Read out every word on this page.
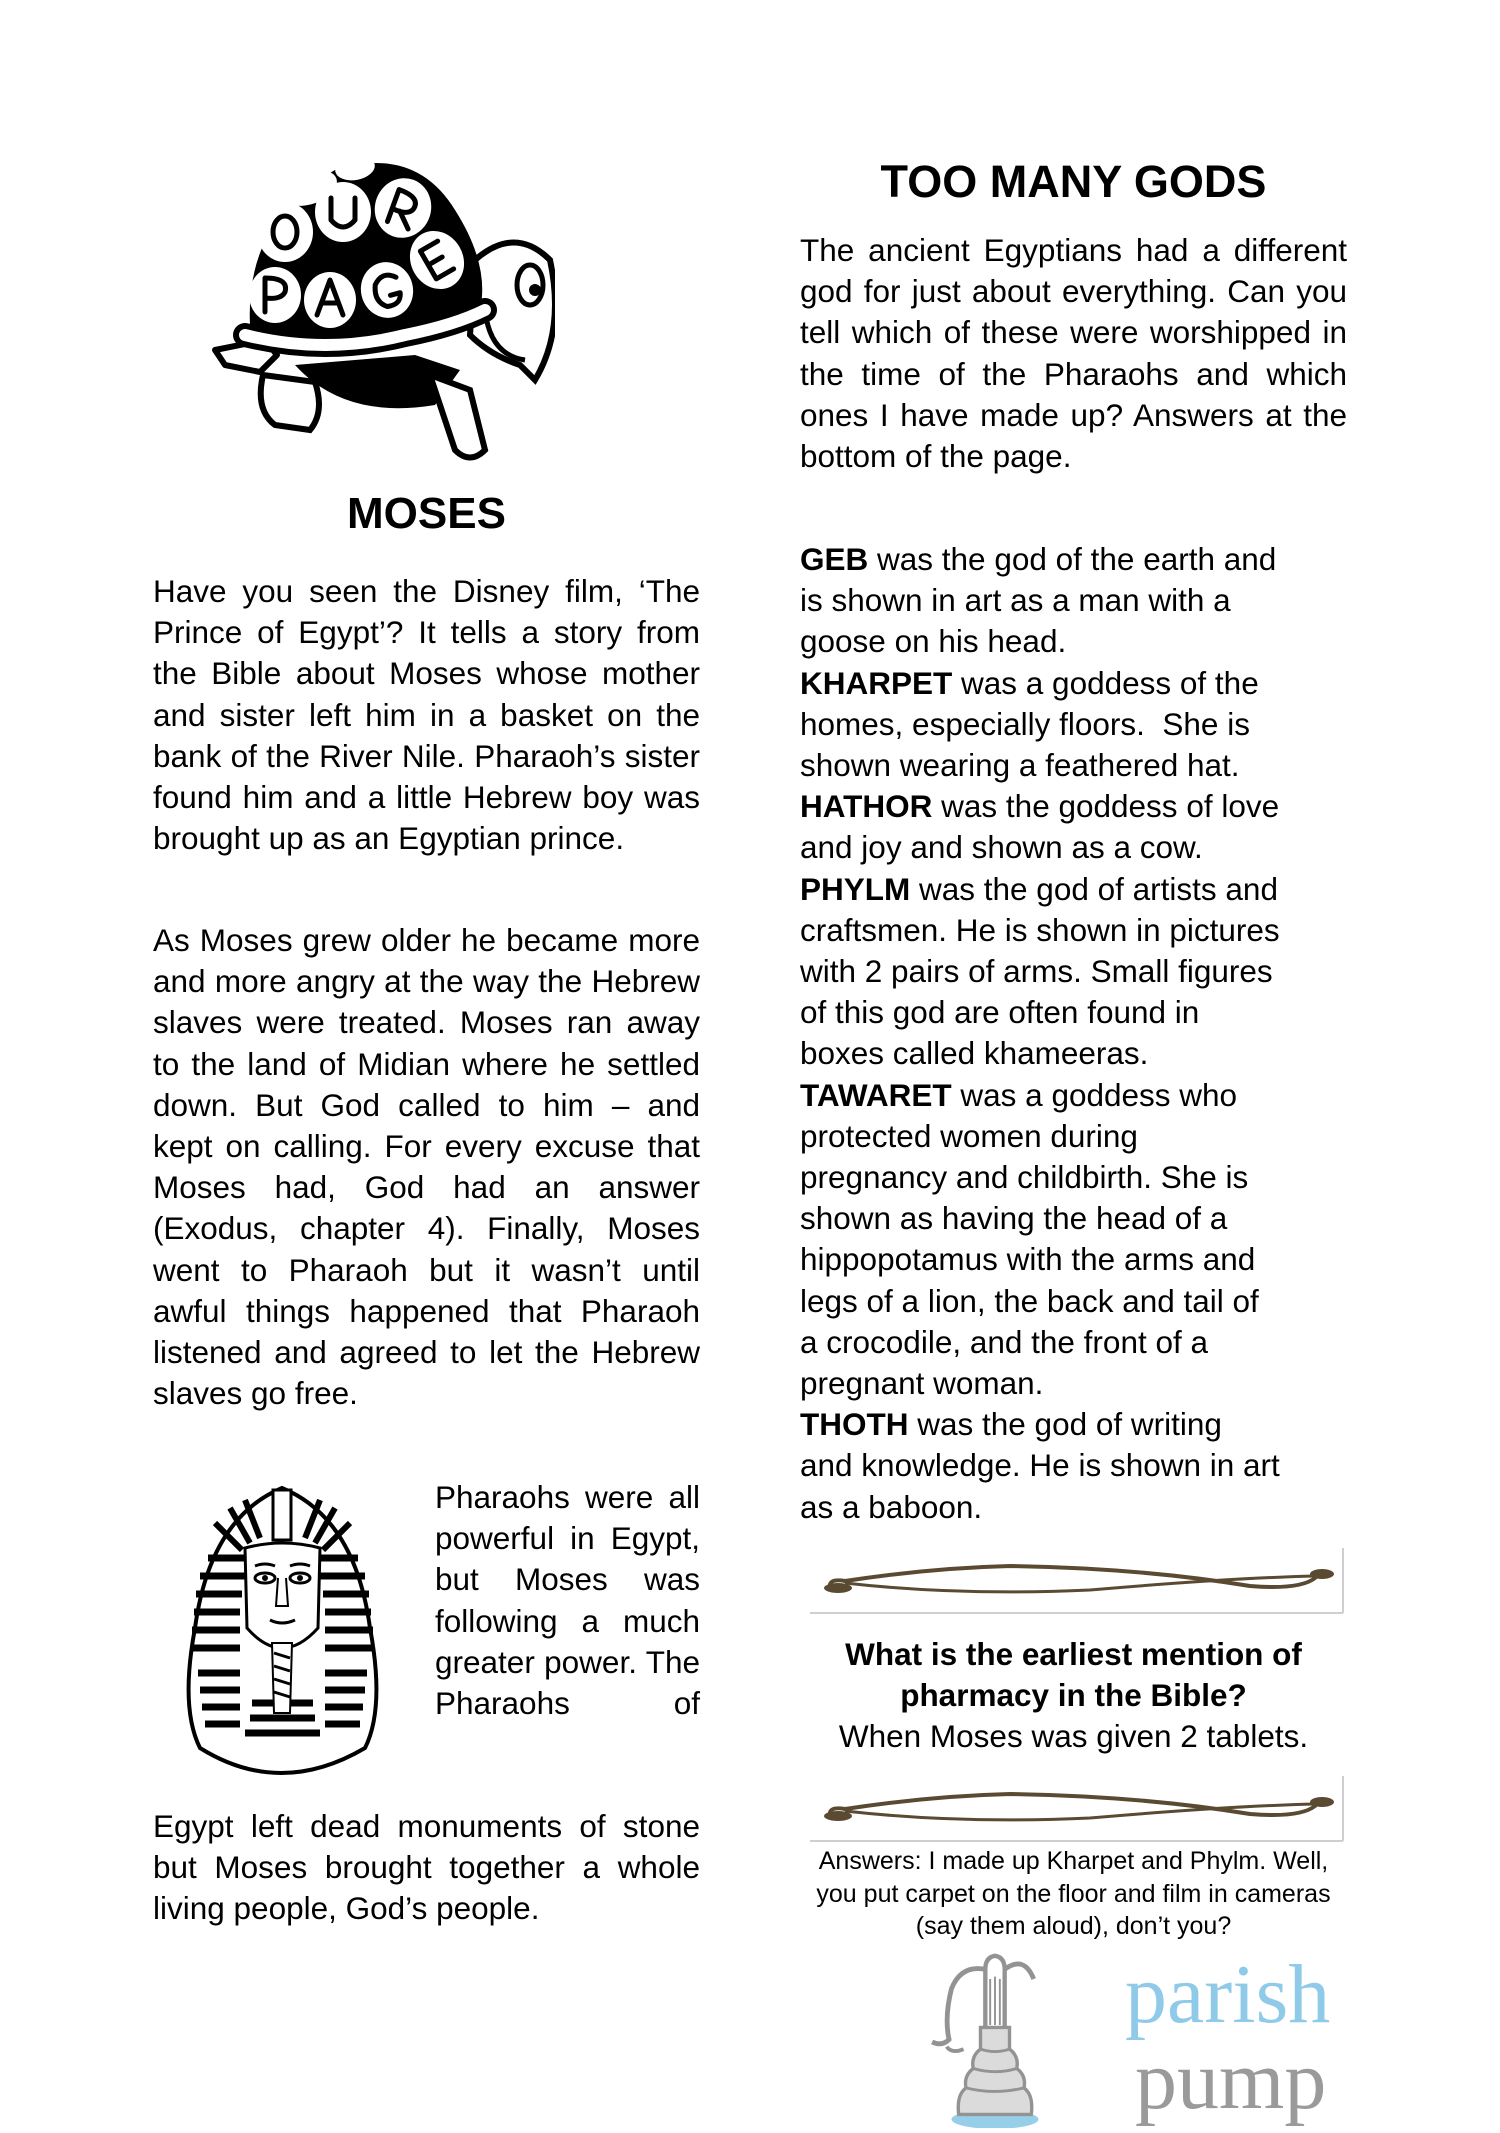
MOSES

Have you seen the Disney film, ‘The Prince of Egypt’? It tells a story from the Bible about Moses whose mother and sister left him in a basket on the bank of the River Nile. Pharaoh’s sister found him and a little Hebrew boy was brought up as an Egyptian prince.

As Moses grew older he became more and more angry at the way the Hebrew slaves were treated. Moses ran away to the land of Midian where he settled down. But God called to him – and kept on calling. For every excuse that Moses had, God had an answer (Exodus, chapter 4). Finally, Moses went to Pharaoh but it wasn’t until awful things happened that Pharaoh listened and agreed to let the Hebrew slaves go free.

Pharaohs were all powerful in Egypt, but Moses was following a much greater power. The Pharaohs of

Egypt left dead monuments of stone but Moses brought together a whole living people, God’s people.

TOO MANY GODS

The ancient Egyptians had a different god for just about everything. Can you tell which of these were worshipped in the time of the Pharaohs and which ones I have made up? Answers at the bottom of the page.

GEB was the god of the earth and
is shown in art as a man with a
goose on his head.
KHARPET was a goddess of the
homes, especially floors.  She is
shown wearing a feathered hat.
HATHOR was the goddess of love
and joy and shown as a cow.
PHYLM was the god of artists and
craftsmen. He is shown in pictures
with 2 pairs of arms. Small figures
of this god are often found in
boxes called khameeras.
TAWARET was a goddess who
protected women during
pregnancy and childbirth. She is
shown as having the head of a
hippopotamus with the arms and
legs of a lion, the back and tail of
a crocodile, and the front of a
pregnant woman.
THOTH was the god of writing
and knowledge. He is shown in art
as a baboon.
What is the earliest mention of pharmacy in the Bible?
When Moses was given 2 tablets.
Answers: I made up Kharpet and Phylm. Well, you put carpet on the floor and film in cameras (say them aloud), don’t you?
parish
pump
